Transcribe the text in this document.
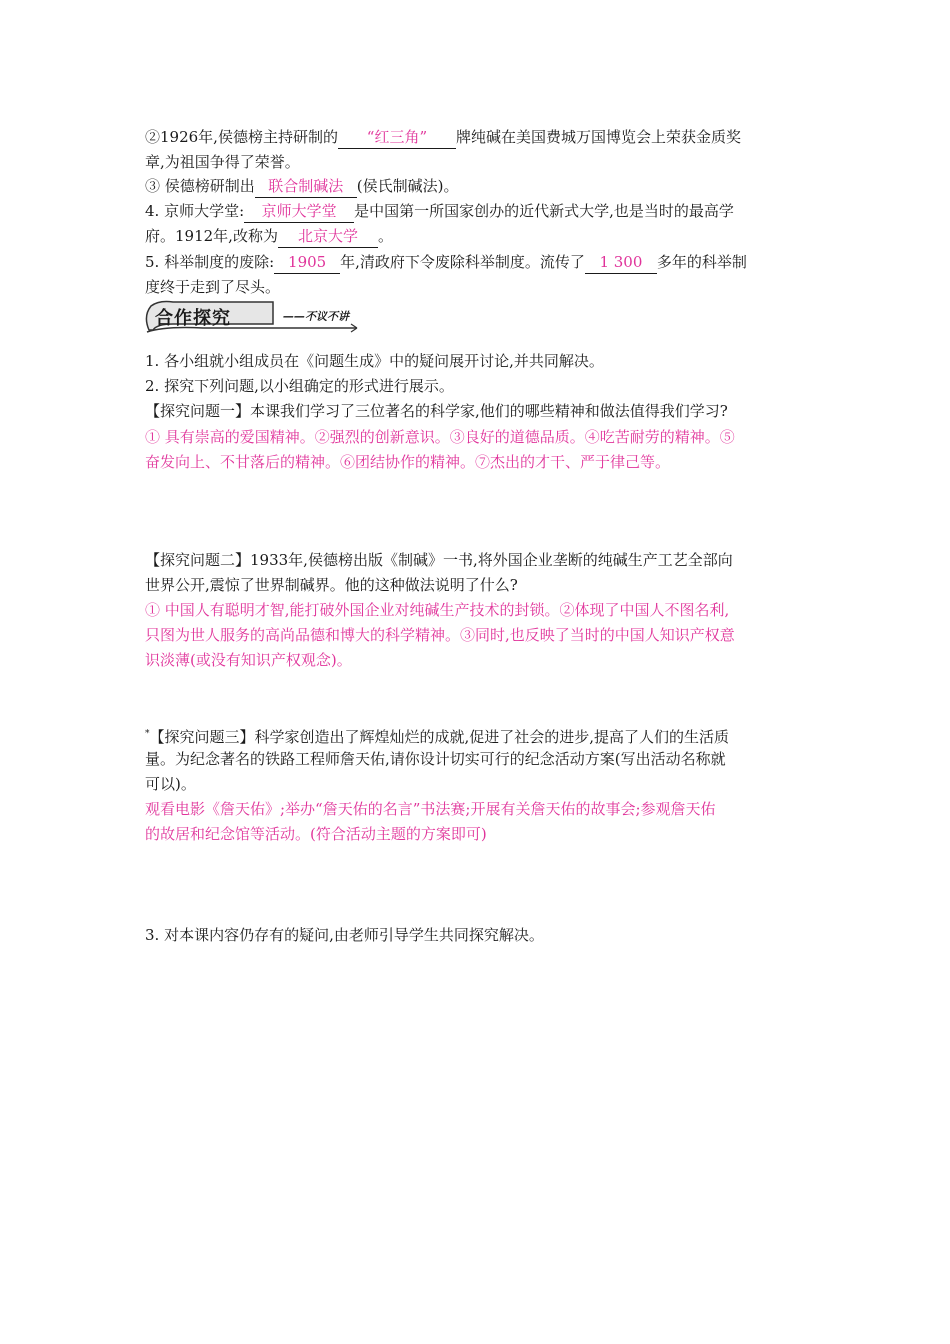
②1926年,侯德榜主持研制的 “红三角” 牌纯碱在美国费城万国博览会上荣获金质奖
章,为祖国争得了荣誉。
③ 侯德榜研制出 联合制碱法 (侯氏制碱法)。
4. 京师大学堂: 京师大学堂 是中国第一所国家创办的近代新式大学,也是当时的最高学
府。1912年,改称为 北京大学 。
5. 科举制度的废除: 1905 年,清政府下令废除科举制度。流传了 1 300 多年的科举制
度终于走到了尽头。
合作探究	——不议不讲
1. 各小组就小组成员在《问题生成》中的疑问展开讨论,并共同解决。
2. 探究下列问题,以小组确定的形式进行展示。
【探究问题一】本课我们学习了三位著名的科学家,他们的哪些精神和做法值得我们学习?
① 具有崇高的爱国精神。②强烈的创新意识。③良好的道德品质。④吃苦耐劳的精神。⑤
奋发向上、不甘落后的精神。⑥团结协作的精神。⑦杰出的才干、严于律己等。
【探究问题二】1933年,侯德榜出版《制碱》一书,将外国企业垄断的纯碱生产工艺全部向
世界公开,震惊了世界制碱界。他的这种做法说明了什么?
① 中国人有聪明才智,能打破外国企业对纯碱生产技术的封锁。②体现了中国人不图名利,
只图为世人服务的高尚品德和博大的科学精神。③同时,也反映了当时的中国人知识产权意
识淡薄(或没有知识产权观念)。
*【探究问题三】科学家创造出了辉煌灿烂的成就,促进了社会的进步,提高了人们的生活质
量。为纪念著名的铁路工程师詹天佑,请你设计切实可行的纪念活动方案(写出活动名称就
可以)。
观看电影《詹天佑》;举办“詹天佑的名言”书法赛;开展有关詹天佑的故事会;参观詹天佑
的故居和纪念馆等活动。(符合活动主题的方案即可)
3. 对本课内容仍存有的疑问,由老师引导学生共同探究解决。
